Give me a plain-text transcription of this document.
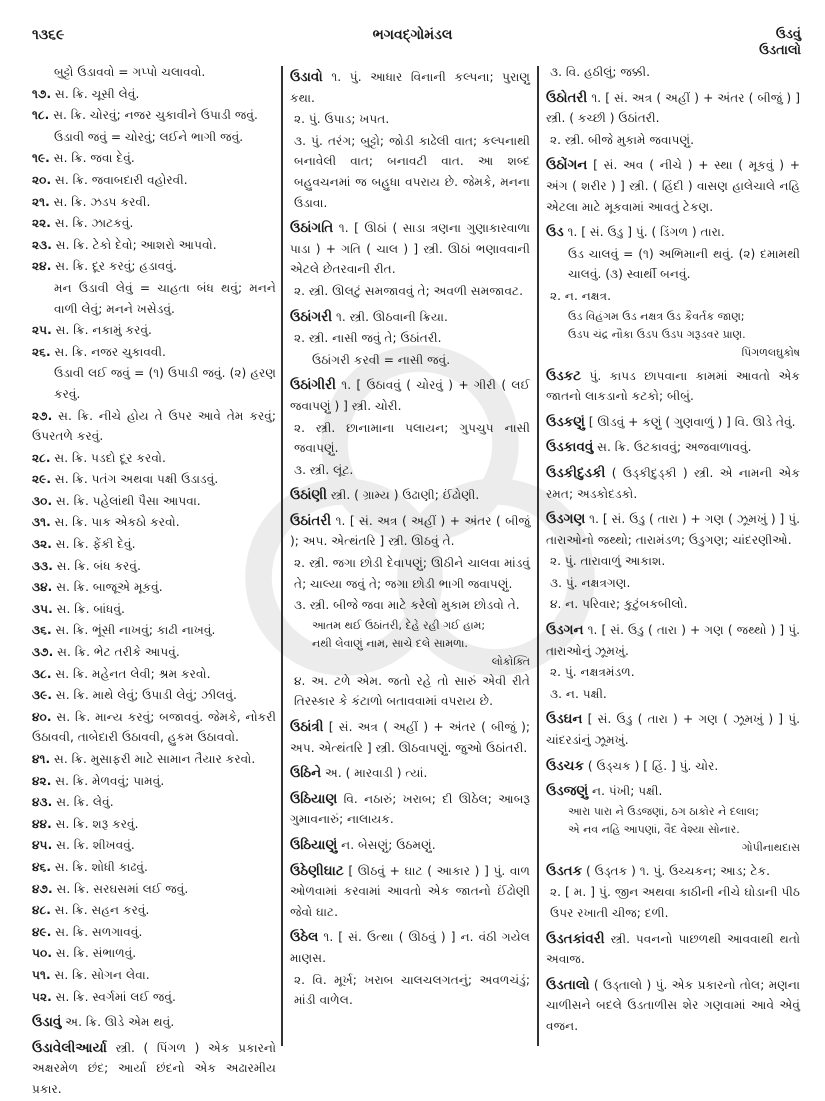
૧૩૬૯	ભગવદ્ગોમંડલ	ઉડવું
ઉડતાલો
બુટ્ટો ઉડાવવો = ગપ્પો ચલાવવો.
૧૭. સ. ક્રિ. ચૂસી લેવું.
૧૮. સ. ક્રિ. ચોરવું; નજર ચુકાવીને ઉપાડી જવું.
ઉડાવી જવું = ચોરવું; લઈને ભાગી જવું.
૧૯. સ. ક્રિ. જવા દેવું.
૨૦. સ. ક્રિ. જવાબદારી વહોરવી.
૨૧. સ. ક્રિ. ઝડપ કરવી.
૨૨. સ. ક્રિ. ઝાટકવું.
૨૩. સ. ક્રિ. ટેકો દેવો; આશરો આપવો.
૨૪. સ. ક્રિ. દૂર કરવું; હડાવવું.
મન ઉડાવી લેવું = ચાહતા બંધ થવું; મનને વાળી લેવું; મનને ખસેડવું.
૨૫. સ. ક્રિ. નકામું કરવું.
૨૬. સ. ક્રિ. નજર ચુકાવવી.
ઉડાવી લઈ જવું = (૧) ઉપાડી જવું. (૨) હરણ કરવું.
૨૭. સ. ક્રિ. નીચે હોય તે ઉપર આવે તેમ કરવું; ઉપરતળે કરવું.
૨૮. સ. ક્રિ. પડદો દૂર કરવો.
૨૯. સ. ક્રિ. પતંગ અથવા પક્ષી ઉડાડવું.
૩૦. સ. ક્રિ. પહેલાંથી પૈસા આપવા.
૩૧. સ. ક્રિ. પાક એકઠો કરવો.
૩૨. સ. ક્રિ. ફેંકી દેવું.
૩૩. સ. ક્રિ. બંધ કરવું.
૩૪. સ. ક્રિ. બાજૂએ મૂકવું.
૩૫. સ. ક્રિ. બાંધવું.
૩૬. સ. ક્રિ. ભૂંસી નાખવું; કાઢી નાખવું.
૩૭. સ. ક્રિ. ભેટ તરીકે આપવું.
૩૮. સ. ક્રિ. મહેનત લેવી; શ્રમ કરવો.
૩૯. સ. ક્રિ. માથે લેવું; ઉપાડી લેવું; ઝીલવું.
૪૦. સ. ક્રિ. માન્ય કરવું; બજાવવું. જેમકે, નોકરી ઉઠાવવી, તાબેદારી ઉઠાવવી, હુકમ ઉઠાવવો.
૪૧. સ. ક્રિ. મુસાફરી માટે સામાન તૈયાર કરવો.
૪૨. સ. ક્રિ. મેળવવું; પામવું.
૪૩. સ. ક્રિ. લેવું.
૪૪. સ. ક્રિ. શરૂ કરવું.
૪૫. સ. ક્રિ. શીખવવું.
૪૬. સ. ક્રિ. શોધી કાઢવું.
૪૭. સ. ક્રિ. સરઘસમાં લઈ જવું.
૪૮. સ. ક્રિ. સહન કરવું.
૪૯. સ. ક્રિ. સળગાવવું.
૫૦. સ. ક્રિ. સંભાળવું.
૫૧. સ. ક્રિ. સોગન લેવા.
૫૨. સ. ક્રિ. સ્વર્ગમાં લઈ જવું.
ઉડાવું અ. ક્રિ. ઊડે એમ થવું.
ઉડાવેલીઆર્યા સ્ત્રી. ( પિંગળ ) એક પ્રકારનો અક્ષરમેળ છંદ; આર્યા છંદનો એક અઢારમીય પ્રકાર.
ઉડાવો ૧. પું. આધાર વિનાની કલ્પના; પુરાણુ કથા.
૨. પું. ઉપાડ; ખપત.
૩. પું. તરંગ; બુટ્ટો; જોડી કાઢેલી વાત; કલ્પનાથી બનાવેલી વાત; બનાવટી વાત. આ શબ્દ બહુવચનમાં જ બહુધા વપરાય છે. જેમકે, મનના ઉડાવા.
ઉઠાંગતિ ૧. [ ઊઠાં ( સાડા ત્રણના ગુણાકારવાળા પાડા ) + ગતિ ( ચાલ ) ] સ્ત્રી. ઊઠાં ભણાવવાની એટલે છેતરવાની રીત.
૨. સ્ત્રી. ઊલટું સમજાવવું તે; અવળી સમજાવટ.
ઉઠાંગરી ૧. સ્ત્રી. ઊઠવાની ક્રિયા.
૨. સ્ત્રી. નાસી જવું તે; ઉઠાંતરી.
ઉઠાંગરી કરવી = નાસી જવું.
ઉઠાંગીરી ૧. [ ઉઠાવવું ( ચોરવું ) + ગીરી ( લઈ જવાપણું ) ] સ્ત્રી. ચોરી.
૨. સ્ત્રી. છાનામાના પલાયન; ગુપચુપ નાસી જવાપણું.
૩. સ્ત્રી. લૂંટ.
ઉઠાંણી સ્ત્રી. ( ગ્રામ્ય ) ઉઢાણી; ઈંઢોણી.
ઉઠાંતરી ૧. [ સં. અત્ર ( અહીં ) + અંતર ( બીજું ); અપ. એત્થંતરિ ] સ્ત્રી. ઊઠવું તે.
૨. સ્ત્રી. જગા છોડી દેવાપણું; ઊઠીને ચાલવા માંડવું તે; ચાલ્યા જવું તે; જગા છોડી ભાગી જવાપણું.
૩. સ્ત્રી. બીજે જવા માટે કરેલો મુકામ છોડવો તે.
આતમ થઈ ઉઠાંતરી, દેહે રહી ગઈ હામ;
નથી લેવાણું નામ, સાચે દલે સામળા.
લોકોક્તિ
૪. અ. ટળે એમ. જતો રહે તો સારું એવી રીતે તિરસ્કાર કે કંટાળો બતાવવામાં વપરાય છે.
ઉઠાંત્રી [ સં. અત્ર ( અહીં ) + અંતર ( બીજું ); અપ. એત્થંતરિ ] સ્ત્રી. ઊઠવાપણું. જુઓ ઉઠાંતરી.
ઉઠિને અ. ( મારવાડી ) ત્યાં.
ઉઠિયાણ વિ. નઠારું; ખરાબ; દી ઊઠેલ; આબરૂ ગુમાવનારું; નાલાયક.
ઉઠિયાણું ન. બેસણું; ઉઠમણું.
ઉઠેણીઘાટ [ ઊઠવું + ઘાટ ( આકાર ) ] પું. વાળ ઓળવામાં કરવામાં આવતો એક જાતનો ઈંઢોણી જેવો ઘાટ.
ઉઠેલ ૧. [ સં. ઉત્થા ( ઊઠવું ) ] ન. વંઠી ગયેલ માણસ.
૨. વિ. મૂર્ખ; ખરાબ ચાલચલગતનું; અવળચંડું; માંડી વાળેલ.
૩. વિ. હઠીલું; જક્કી.
ઉઠોતરી ૧. [ સં. અત્ર ( અહીં ) + અંતર ( બીજું ) ] સ્ત્રી. ( કચ્છી ) ઉઠાંતરી.
૨. સ્ત્રી. બીજે મુકામે જવાપણું.
ઉઠોંગન [ સં. અવ ( નીચે ) + સ્થા ( મૂકવું ) + અંગ ( શરીર ) ] સ્ત્રી. ( હિંદી ) વાસણ હાલેચાલે નહિ એટલા માટે મૂકવામાં આવતું ટેકણ.
ઉડ ૧. [ સં. ઉડુ ] પું. ( ડિંગળ ) તારા.
ઉડ ચાલવું = (૧) અભિમાની થવું. (૨) દમામથી ચાલવું. (૩) સ્વાર્થી બનવું.
૨. ન. નક્ષત્ર.
ઉડ વિહંગમ ઉડ નક્ષત્ર ઉડ કૈવર્તક જાણ;
ઉડપ ચંદ્ર નૌકા ઉડપ ઉડપ ગરૂડવર પ્રાણ.
પિંગળલઘુકોષ
ઉડકટ પું. કાપડ છાપવાના કામમાં આવતો એક જાતનો લાકડાનો કટકો; બીબું.
ઉડકણું [ ઊડવું + કણું ( ગુણવાળું ) ] વિ. ઊડે તેવું.
ઉડકાવવું સ. ક્રિ. ઉટકાવવું; અજવાળાવવું.
ઉડકીદુડકી ( ઉડ્કીદુડ્કી ) સ્ત્રી. એ નામની એક રમત; અડકોદડકો.
ઉડગણ ૧. [ સં. ઉડુ ( તારા ) + ગણ ( ઝૂમખું ) ] પું. તારાઓનો જથ્થો; તારામંડળ; ઉડુગણ; ચાંદરણીઓ.
૨. પું. તારાવાળું આકાશ.
૩. પું. નક્ષત્રગણ.
૪. ન. પરિવાર; કુટુંબકબીલો.
ઉડગન ૧. [ સં. ઉડુ ( તારા ) + ગણ ( જથ્થો ) ] પું. તારાઓનું ઝૂમખું.
૨. પું. નક્ષત્રમંડળ.
૩. ન. પક્ષી.
ઉડઘન [ સં. ઉડુ ( તારા ) + ગણ ( ઝૂમખું ) ] પું. ચાંદરડાંનું ઝૂમખું.
ઉડચક ( ઉડ્ચક ) [ હિં. ] પું. ચોર.
ઉડજણું ન. પંખી; પક્ષી.
આરા પારા ને ઉડજણાં, ઠગ ઠાકોર ને દલાલ;
એ નવ નહિ આપણાં, વૈદ વેશ્યા સોનાર.
ગોપીનાથદાસ
ઉડતક ( ઉડ્તક ) ૧. પું. ઉચ્ચકન; આડ; ટેક.
૨. [ મ. ] પું. જીન અથવા કાઠીની નીચે ઘોડાની પીઠ ઉપર રખાતી ચીજ; દળી.
ઉડતકાંવરી સ્ત્રી. પવનનો પાછળથી આવવાથી થતો અવાજ.
ઉડતાલો ( ઉડ્તાલો ) પું. એક પ્રકારનો તોલ; મણના ચાળીસને બદલે ઉડતાળીસ શેર ગણવામાં આવે એવું વજન.
